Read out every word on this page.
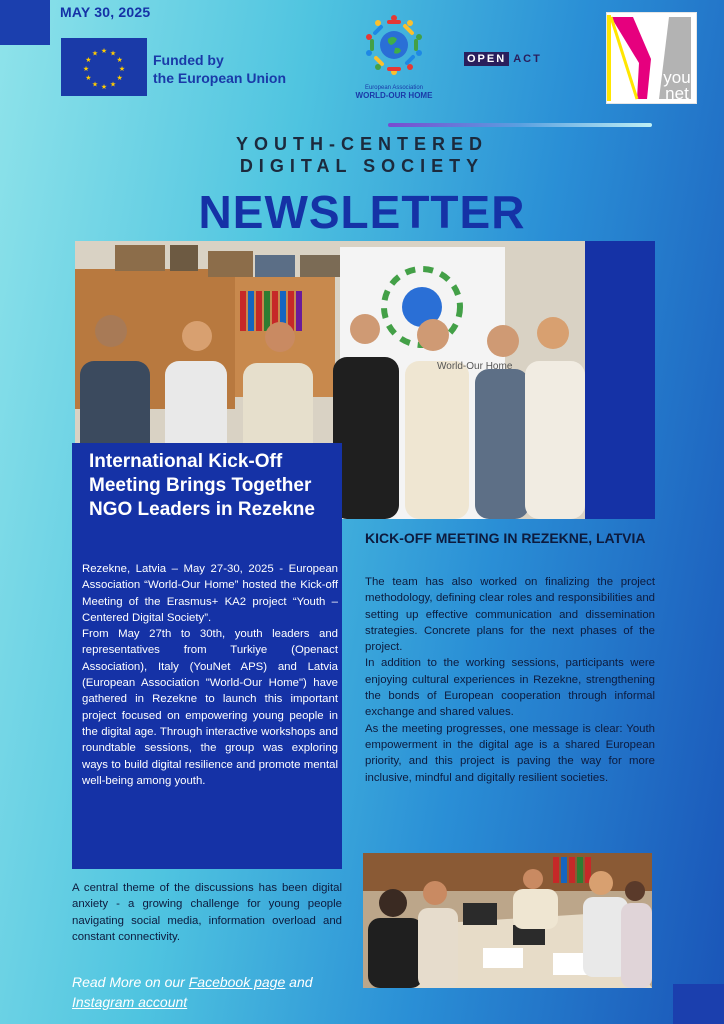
MAY 30, 2025
★ ★
★
★
★
★
★
★
★
★
★
★	Funded by
the European Union
European Association
WORLD-OUR HOME
OPEN ACT
you
net
YOUTH-CENTERED
DIGITAL SOCIETY
NEWSLETTER
World-Our Home
International Kick-Off Meeting Brings Together NGO Leaders in Rezekne

Rezekne, Latvia – May 27-30, 2025 - European Association “World-Our Home” hosted the Kick-off Meeting of the Erasmus+ KA2 project “Youth – Centered Digital Society”.

From May 27th to 30th, youth leaders and representatives from Turkiye (Openact Association), Italy (YouNet APS) and Latvia (European Association "World-Our Home") have gathered in Rezekne to launch this important project focused on empowering young people in the digital age. Through interactive workshops and roundtable sessions, the group was exploring ways to build digital resilience and promote mental well-being among youth.

KICK-OFF MEETING IN REZEKNE, LATVIA

The team has also worked on finalizing the project methodology, defining clear roles and responsibilities and setting up effective communication and dissemination strategies. Concrete plans for the next phases of the project.

In addition to the working sessions, participants were enjoying cultural experiences in Rezekne, strengthening the bonds of European cooperation through informal exchange and shared values.

As the meeting progresses, one message is clear: Youth empowerment in the digital age is a shared European priority, and this project is paving the way for more inclusive, mindful and digitally resilient societies.

A central theme of the discussions has been digital anxiety - a growing challenge for young people navigating social media, information overload and constant connectivity.
Read More on our Facebook page and Instagram account
